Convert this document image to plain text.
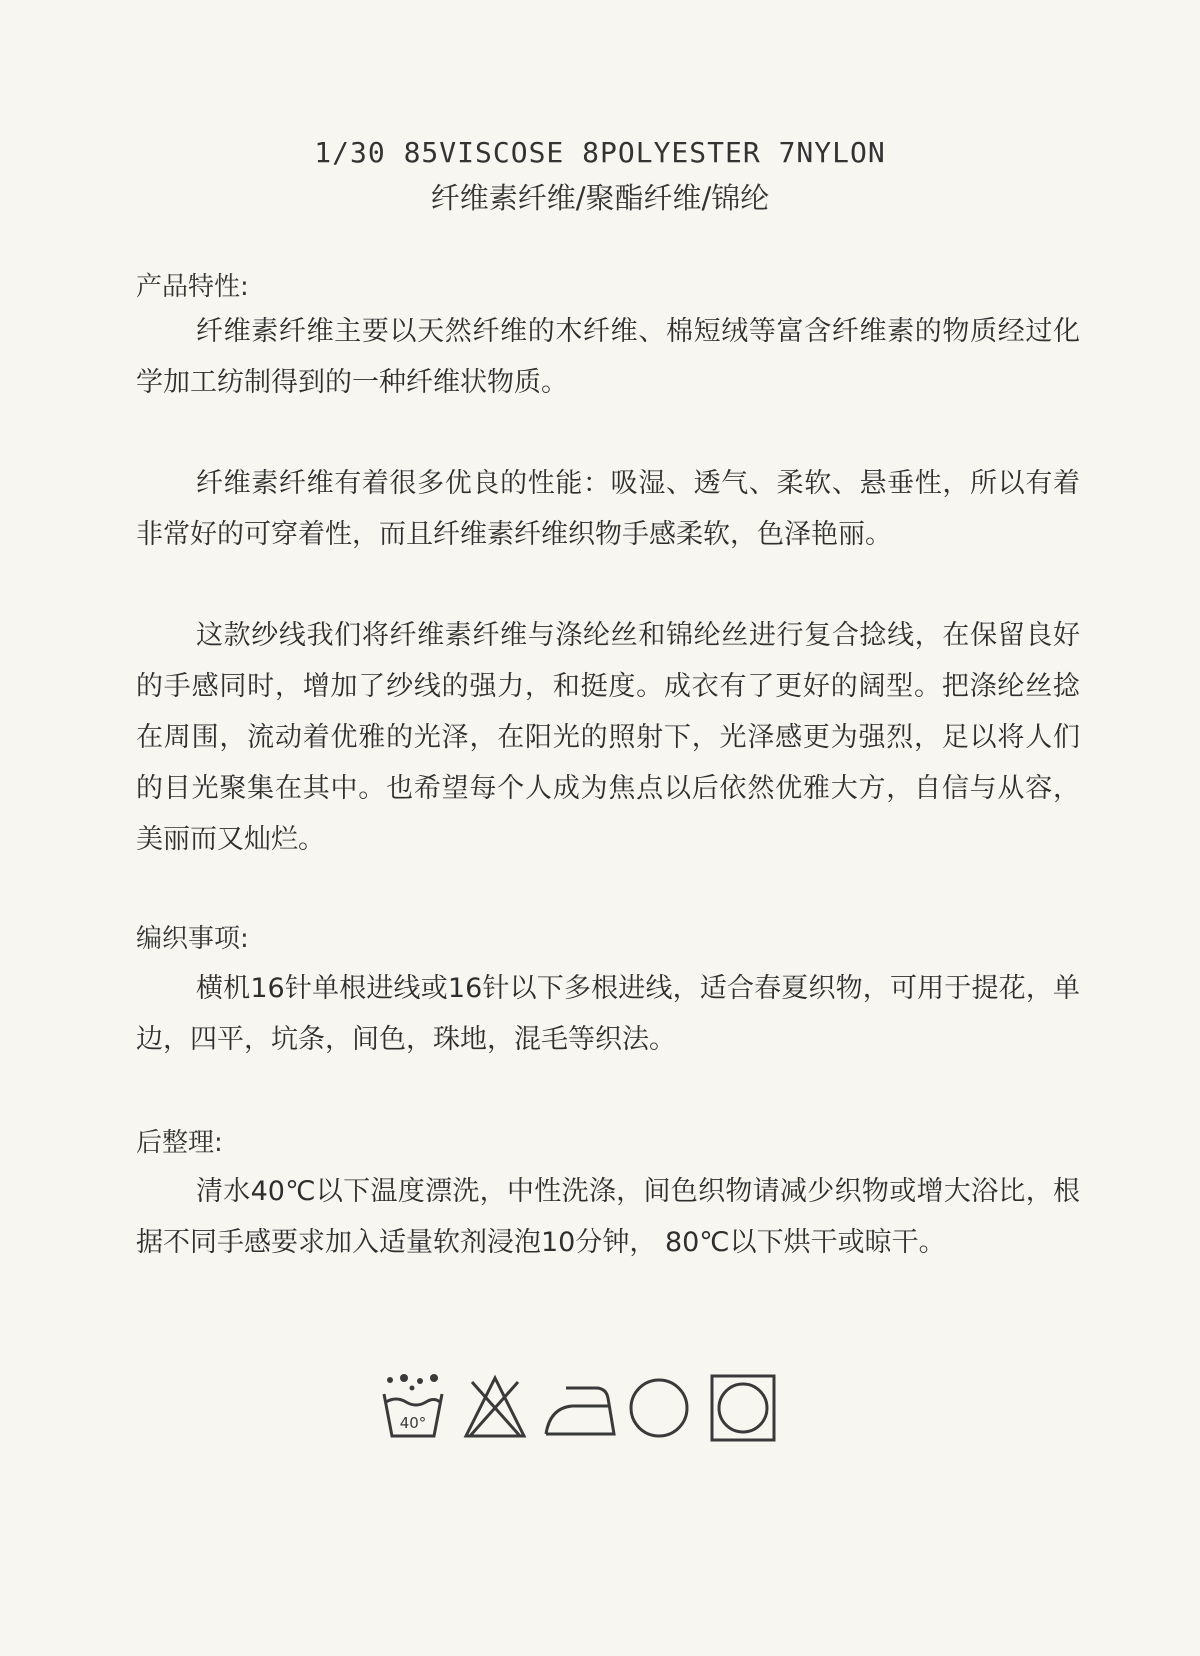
1/30 85VISCOSE 8POLYESTER 7NYLON
纤维素纤维/聚酯纤维/锦纶
产品特性:

纤维素纤维主要以天然纤维的木纤维、棉短绒等富含纤维素的物质经过化学加工纺制得到的一种纤维状物质。

纤维素纤维有着很多优良的性能：吸湿、透气、柔软、悬垂性，所以有着非常好的可穿着性，而且纤维素纤维织物手感柔软，色泽艳丽。

这款纱线我们将纤维素纤维与涤纶丝和锦纶丝进行复合捻线，在保留良好的手感同时，增加了纱线的强力，和挺度。成衣有了更好的阔型。把涤纶丝捻在周围，流动着优雅的光泽，在阳光的照射下，光泽感更为强烈，足以将人们的目光聚集在其中。也希望每个人成为焦点以后依然优雅大方，自信与从容，美丽而又灿烂。

编织事项:

横机16针单根进线或16针以下多根进线，适合春夏织物，可用于提花，单边，四平，坑条，间色，珠地，混毛等织法。

后整理:

清水40℃以下温度漂洗，中性洗涤，间色织物请减少织物或增大浴比，根据不同手感要求加入适量软剂浸泡10分钟， 80℃以下烘干或晾干。

40°
